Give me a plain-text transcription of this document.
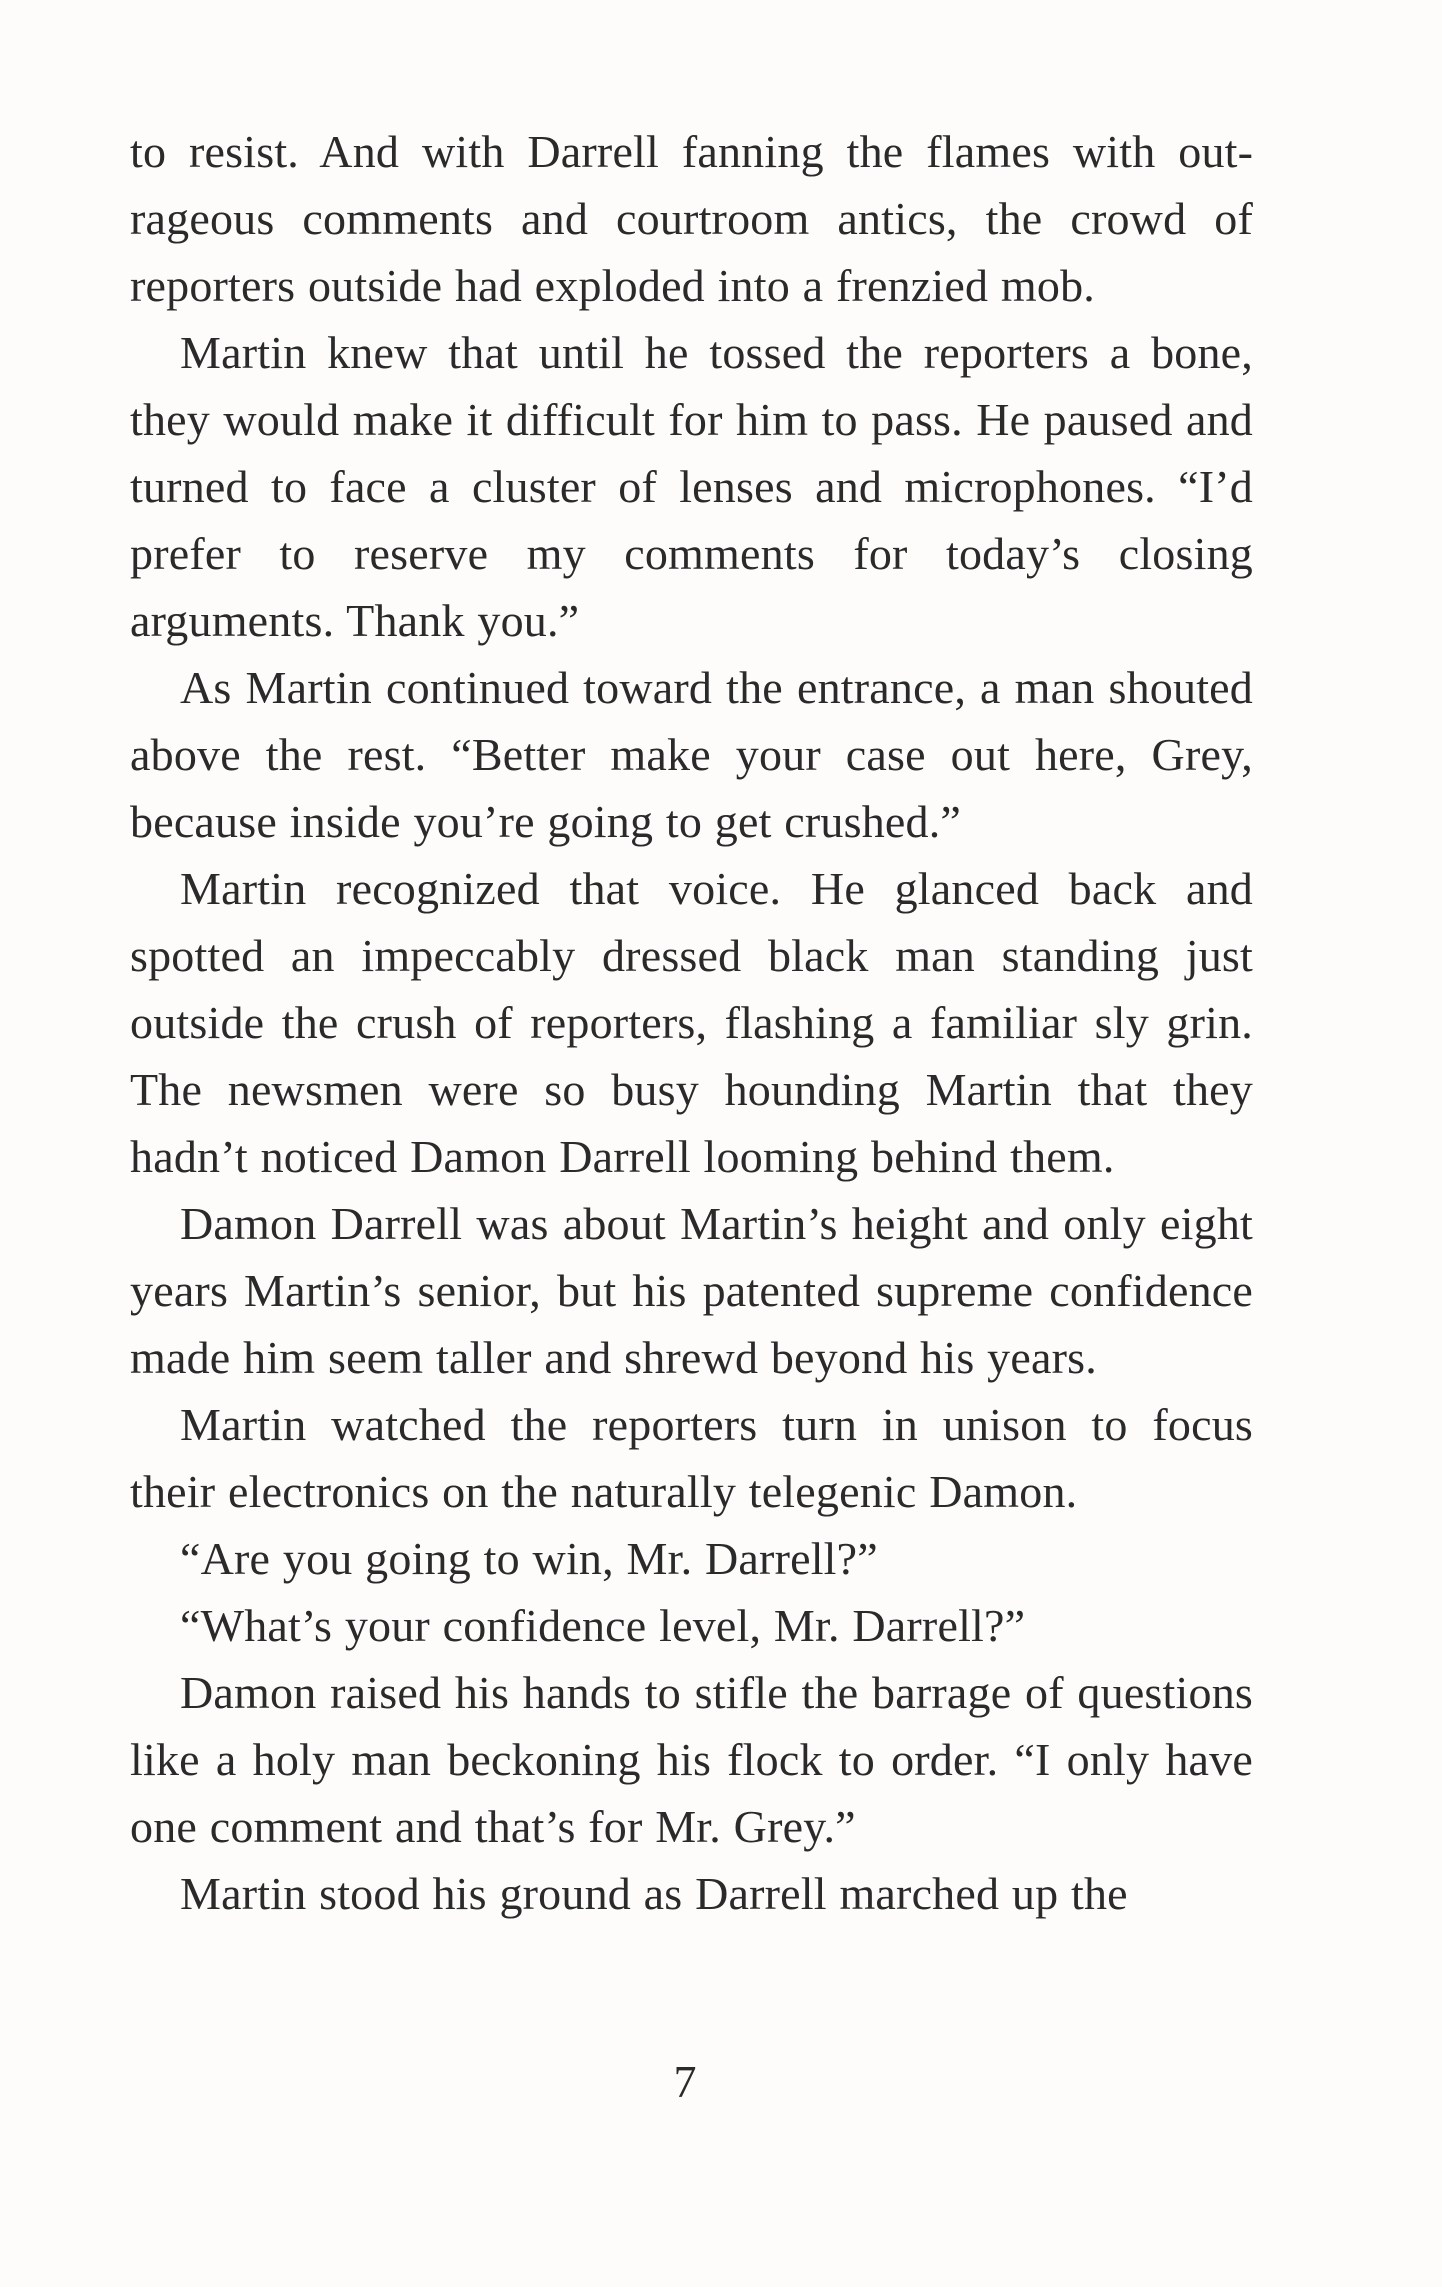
to resist. And with Darrell fanning the flames with outrageous comments and courtroom antics, the crowd of reporters outside had exploded into a frenzied mob.

Martin knew that until he tossed the reporters a bone, they would make it difficult for him to pass. He paused and turned to face a cluster of lenses and microphones. “I’d prefer to reserve my comments for today’s closing arguments. Thank you.”

As Martin continued toward the entrance, a man shouted above the rest. “Better make your case out here, Grey, because inside you’re going to get crushed.”

Martin recognized that voice. He glanced back and spotted an impeccably dressed black man standing just outside the crush of reporters, flashing a familiar sly grin. The newsmen were so busy hounding Martin that they hadn’t noticed Damon Darrell looming behind them.

Damon Darrell was about Martin’s height and only eight years Martin’s senior, but his patented supreme confidence made him seem taller and shrewd beyond his years.

Martin watched the reporters turn in unison to focus their electronics on the naturally telegenic Damon.

“Are you going to win, Mr. Darrell?”

“What’s your confidence level, Mr. Darrell?”

Damon raised his hands to stifle the barrage of questions like a holy man beckoning his flock to order. “I only have one comment and that’s for Mr. Grey.”

Martin stood his ground as Darrell marched up the

7
